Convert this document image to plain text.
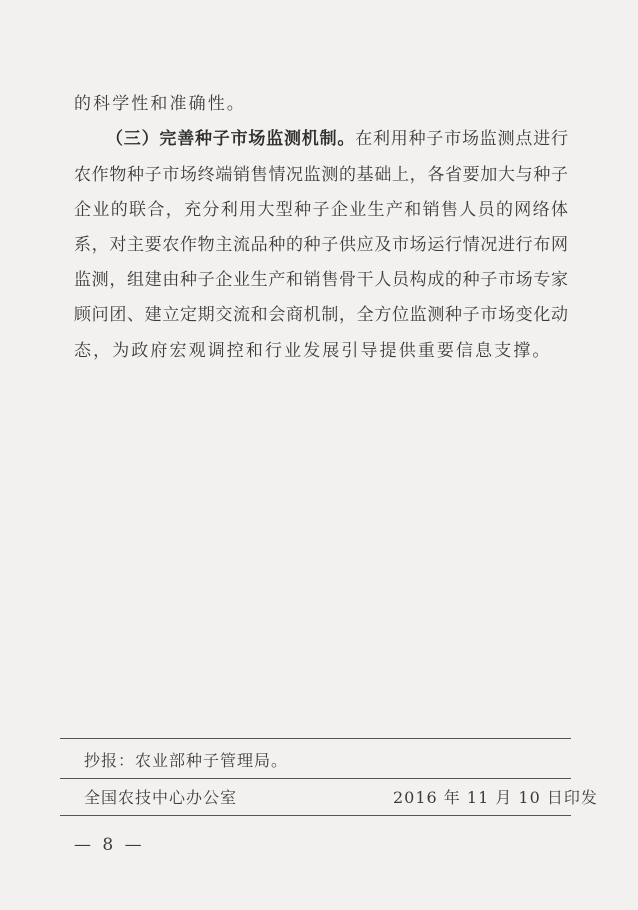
的科学性和准确性。
（三）完善种子市场监测机制。在利用种子市场监测点进行
农作物种子市场终端销售情况监测的基础上，各省要加大与种子
企业的联合，充分利用大型种子企业生产和销售人员的网络体
系，对主要农作物主流品种的种子供应及市场运行情况进行布网
监测，组建由种子企业生产和销售骨干人员构成的种子市场专家
顾问团、建立定期交流和会商机制，全方位监测种子市场变化动
态，为政府宏观调控和行业发展引导提供重要信息支撑。
抄报：农业部种子管理局。
全国农技中心办公室	2016 年 11 月 10 日印发
— 8 —
